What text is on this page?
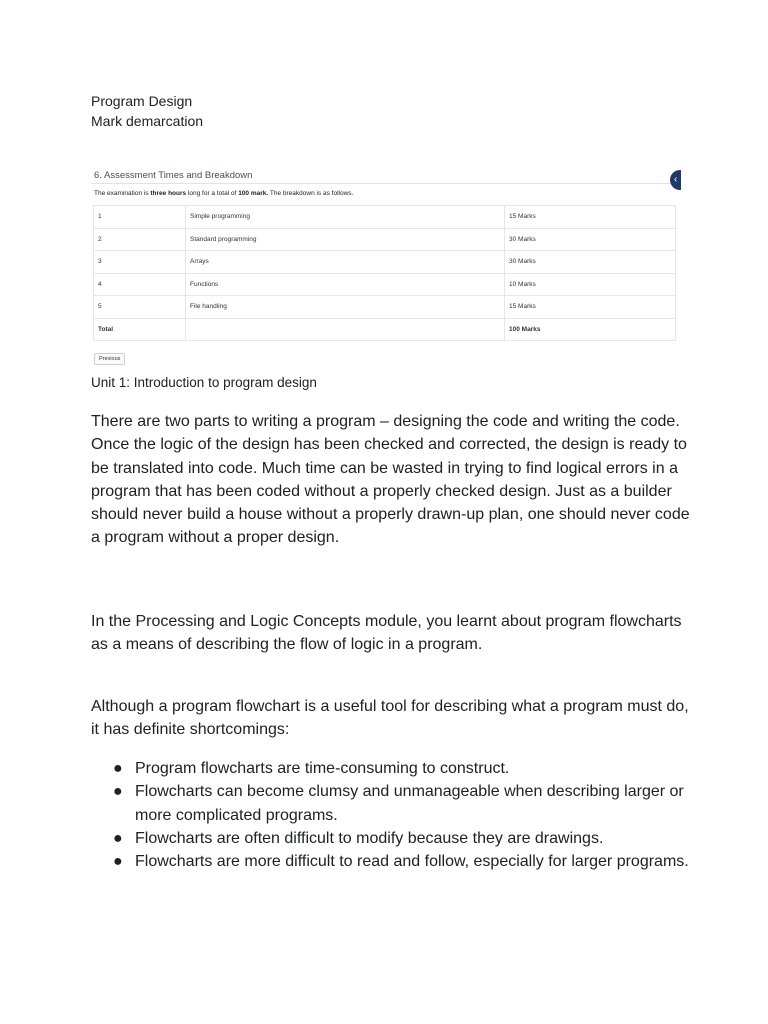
Program Design
Mark demarcation
6. Assessment Times and Breakdown	‹
The examination is three hours long for a total of 100 mark. The breakdown is as follows.
1	Simple programming	15 Marks
2	Standard programming	30 Marks
3	Arrays	30 Marks
4	Functions	10 Marks
5	File handling	15 Marks
Total		100 Marks
Previous
Unit 1: Introduction to program design

There are two parts to writing a program – designing the code and writing the code. Once the logic of the design has been checked and corrected, the design is ready to be translated into code. Much time can be wasted in trying to find logical errors in a program that has been coded without a properly checked design. Just as a builder should never build a house without a properly drawn-up plan, one should never code a program without a proper design.

In the Processing and Logic Concepts module, you learnt about program flowcharts as a means of describing the flow of logic in a program.

Although a program flowchart is a useful tool for describing what a program must do, it has definite shortcomings:

● Program flowcharts are time-consuming to construct.
● Flowcharts can become clumsy and unmanageable when describing larger or more complicated programs.
● Flowcharts are often difficult to modify because they are drawings.
● Flowcharts are more difficult to read and follow, especially for larger programs.
